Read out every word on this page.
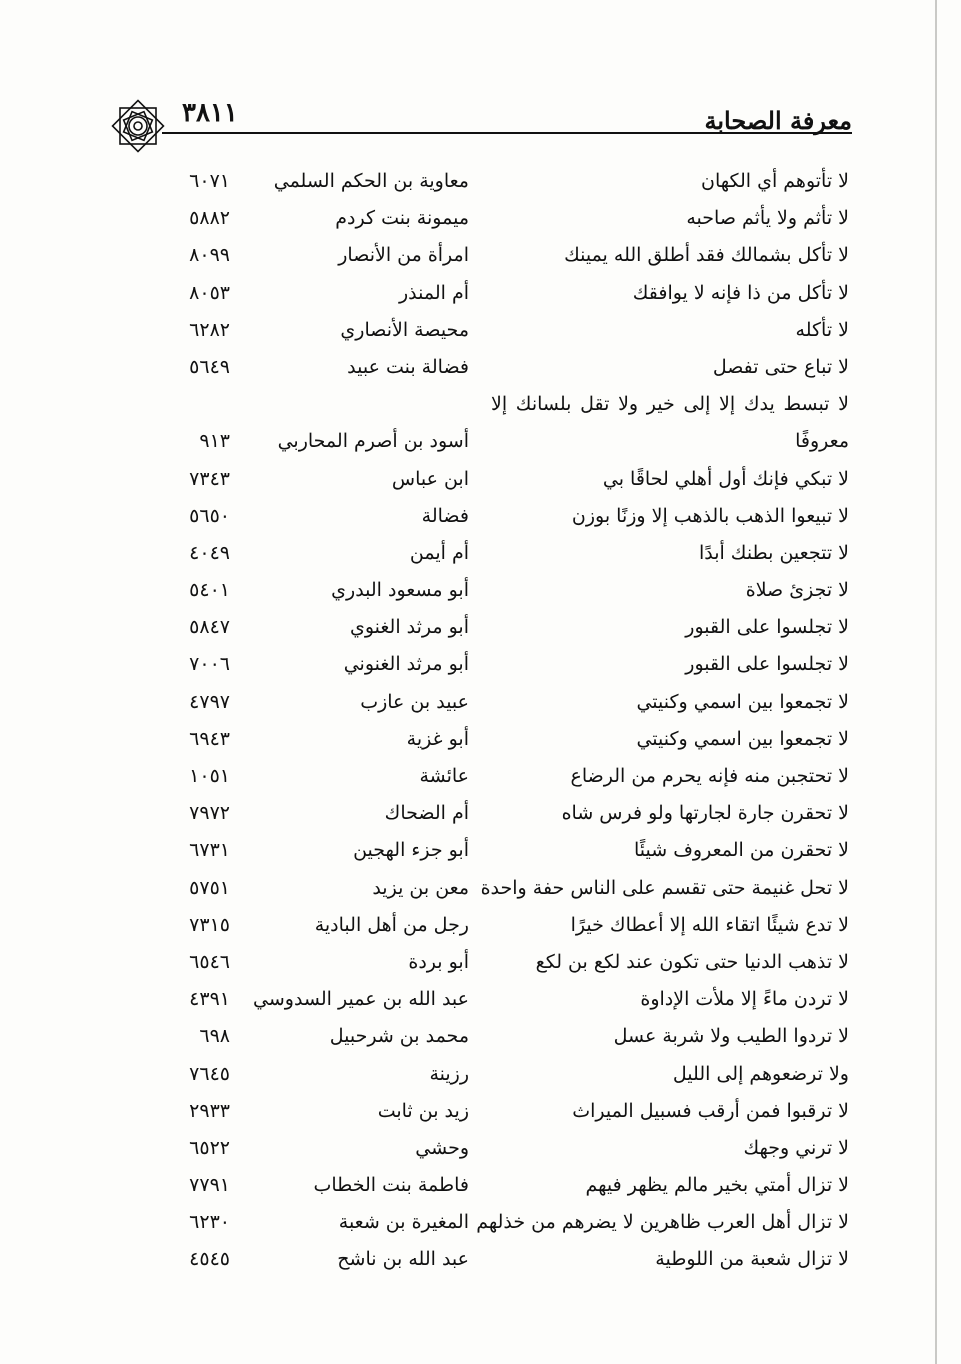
٣٨١١	معرفة الصحابة
لا تأتوهم أي الكهان
معاوية بن الحكم السلمي
٦٠٧١
لا تأثم ولا يأثم صاحبه
ميمونة بنت كردم
٥٨٨٢
لا تأكل بشمالك فقد أطلق الله يمينك
امرأة من الأنصار
٨٠٩٩
لا تأكل من ذا فإنه لا يوافقك
أم المنذر
٨٠٥٣
لا تأكله
محيصة الأنصاري
٦٢٨٢
لا تباع حتى تفصل
فضالة بنت عبيد
٥٦٤٩
لا تبسط يدك إلا إلى خير ولا تقل بلسانك إلا
معروفًا
أسود بن أصرم المحاربي
٩١٣
لا تبكي فإنك أول أهلي لحاقًا بي
ابن عباس
٧٣٤٣
لا تبيعوا الذهب بالذهب إلا وزنًا بوزن
فضالة
٥٦٥٠
لا تتجعين بطنك أبدًا
أم أيمن
٤٠٤٩
لا تجزئ صلاة
أبو مسعود البدري
٥٤٠١
لا تجلسوا على القبور
أبو مرثد الغنوي
٥٨٤٧
لا تجلسوا على القبور
أبو مرثد الغنوني
٧٠٠٦
لا تجمعوا بين اسمي وكنيتي
عبيد بن عازب
٤٧٩٧
لا تجمعوا بين اسمي وكنيتي
أبو غزية
٦٩٤٣
لا تحتجبن منه فإنه يحرم من الرضاع
عائشة
١٠٥١
لا تحقرن جارة لجارتها ولو فرس شاه
أم الضحاك
٧٩٧٢
لا تحقرن من المعروف شيئًا
أبو جزء الهجين
٦٧٣١
لا تحل غنيمة حتى تقسم على الناس حفة واحدة
معن بن يزيد
٥٧٥١
لا تدع شيئًا اتقاء الله إلا أعطاك خيرًا
رجل من أهل البادية
٧٣١٥
لا تذهب الدنيا حتى تكون عند لكع بن لكع
أبو بردة
٦٥٤٦
لا تردن ماءً إلا ملأت الإداوة
عبد الله بن عمير السدوسي
٤٣٩١
لا تردوا الطيب ولا شربة عسل
محمد بن شرحبيل
٦٩٨
ولا ترضعوهم إلى الليل
رزينة
٧٦٤٥
لا ترقبوا فمن أرقب فسبيل الميراث
زيد بن ثابت
٢٩٣٣
لا ترني وجهك
وحشي
٦٥٢٢
لا تزال أمتي بخير مالم يظهر فيهم
فاطمة بنت الخطاب
٧٧٩١
لا تزال أهل العرب ظاهرين لا يضرهم من خذلهم
المغيرة بن شعبة
٦٢٣٠
لا تزال شعبة من اللوطية
عبد الله بن ناشح
٤٥٤٥
